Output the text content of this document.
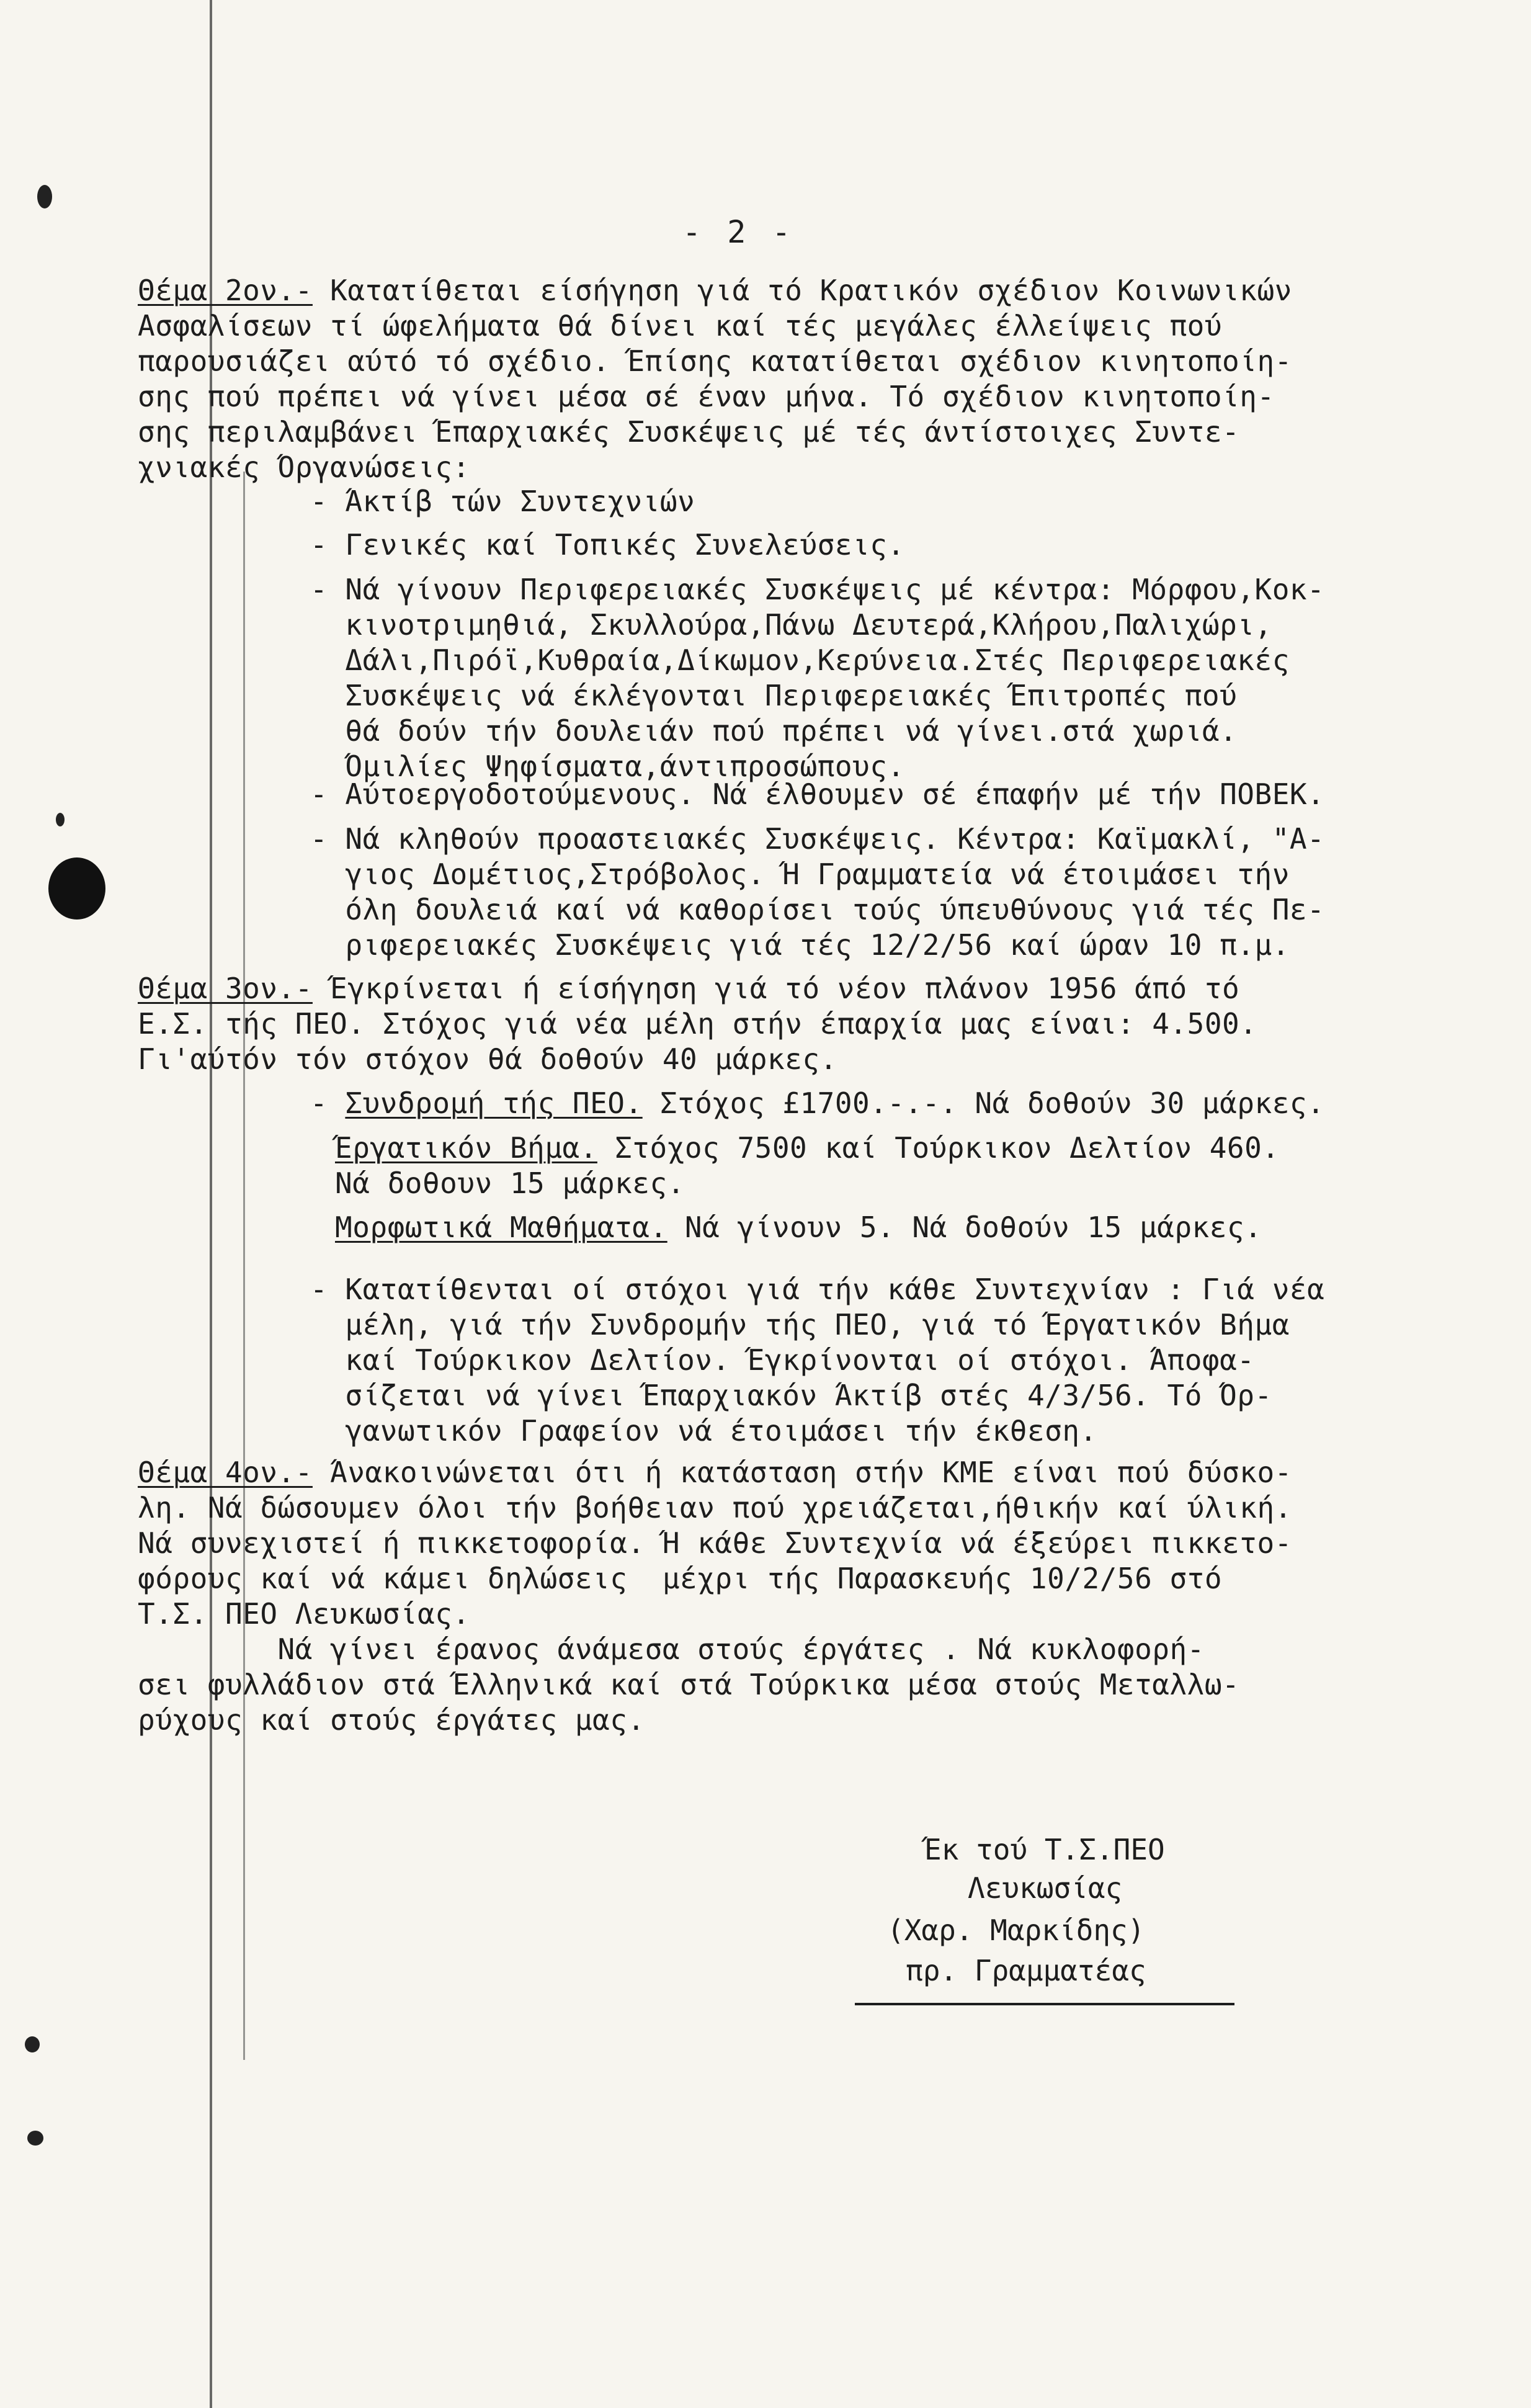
- 2 -
Θέμα 2ον.- Κατατίθεται είσήγηση γιά τό Κρατικόν σχέδιον Κοινωνικών
Ασφαλίσεων τί ώφελήματα θά δίνει καί τές μεγάλες έλλείψεις πού
παρουσιάζει αύτό τό σχέδιο. Έπίσης κατατίθεται σχέδιον κινητοποίη-
σης πού πρέπει νά γίνει μέσα σέ έναν μήνα. Τό σχέδιον κινητοποίη-
σης περιλαμβάνει Έπαρχιακές Συσκέψεις μέ τές άντίστοιχες Συντε-
χνιακές Όργανώσεις:
- Άκτίβ τών Συντεχνιών
- Γενικές καί Τοπικές Συνελεύσεις.
- Νά γίνουν Περιφερειακές Συσκέψεις μέ κέντρα: Μόρφου,Κοκ-
κινοτριμηθιά, Σκυλλούρα,Πάνω Δευτερά,Κλήρου,Παλιχώρι,
Δάλι,Πιρόϊ,Κυθραία,Δίκωμον,Κερύνεια.Στές Περιφερειακές
Συσκέψεις νά έκλέγονται Περιφερειακές Έπιτροπές πού
θά δούν τήν δουλειάν πού πρέπει νά γίνει.στά χωριά.
Όμιλίες Ψηφίσματα,άντιπροσώπους.
- Αύτοεργοδοτούμενους. Νά έλθουμεν σέ έπαφήν μέ τήν ΠΟΒΕΚ.
- Νά κληθούν προαστειακές Συσκέψεις. Κέντρα: Καϊμακλί, "Α-
γιος Δομέτιος,Στρόβολος. Ή Γραμματεία νά έτοιμάσει τήν
όλη δουλειά καί νά καθορίσει τούς ύπευθύνους γιά τές Πε-
ριφερειακές Συσκέψεις γιά τές 12/2/56 καί ώραν 10 π.μ.
Θέμα 3ον.- Έγκρίνεται ή είσήγηση γιά τό νέον πλάνον 1956 άπό τό
Ε.Σ. τής ΠΕΟ. Στόχος γιά νέα μέλη στήν έπαρχία μας είναι: 4.500.
Γι'αύτόν τόν στόχον θά δοθούν 40 μάρκες.
- Συνδρομή τής ΠΕΟ. Στόχος £1700.-.-. Νά δοθούν 30 μάρκες.
Έργατικόν Βήμα. Στόχος 7500 καί Τούρκικον Δελτίον 460.
Νά δοθουν 15 μάρκες.
Μορφωτικά Μαθήματα. Νά γίνουν 5. Νά δοθούν 15 μάρκες.
- Κατατίθενται οί στόχοι γιά τήν κάθε Συντεχνίαν : Γιά νέα
μέλη, γιά τήν Συνδρομήν τής ΠΕΟ, γιά τό Έργατικόν Βήμα
καί Τούρκικον Δελτίον. Έγκρίνονται οί στόχοι. Άποφα-
σίζεται νά γίνει Έπαρχιακόν Άκτίβ στές 4/3/56. Τό Όρ-
γανωτικόν Γραφείον νά έτοιμάσει τήν έκθεση.
Θέμα 4ον.- Άνακοινώνεται ότι ή κατάσταση στήν ΚΜΕ είναι πού δύσκο-
λη. Νά δώσουμεν όλοι τήν βοήθειαν πού χρειάζεται,ήθικήν καί ύλική.
Νά συνεχιστεί ή πικκετοφορία. Ή κάθε Συντεχνία νά έξεύρει πικκετο-
φόρους καί νά κάμει δηλώσεις  μέχρι τής Παρασκευής 10/2/56 στό
Τ.Σ. ΠΕΟ Λευκωσίας.
Νά γίνει έρανος άνάμεσα στούς έργάτες . Νά κυκλοφορή-
σει φυλλάδιον στά Έλληνικά καί στά Τούρκικα μέσα στούς Μεταλλω-
ρύχους καί στούς έργάτες μας.
Έκ τού Τ.Σ.ΠΕΟ
Λευκωσίας
(Χαρ. Μαρκίδης)
πρ. Γραμματέας
